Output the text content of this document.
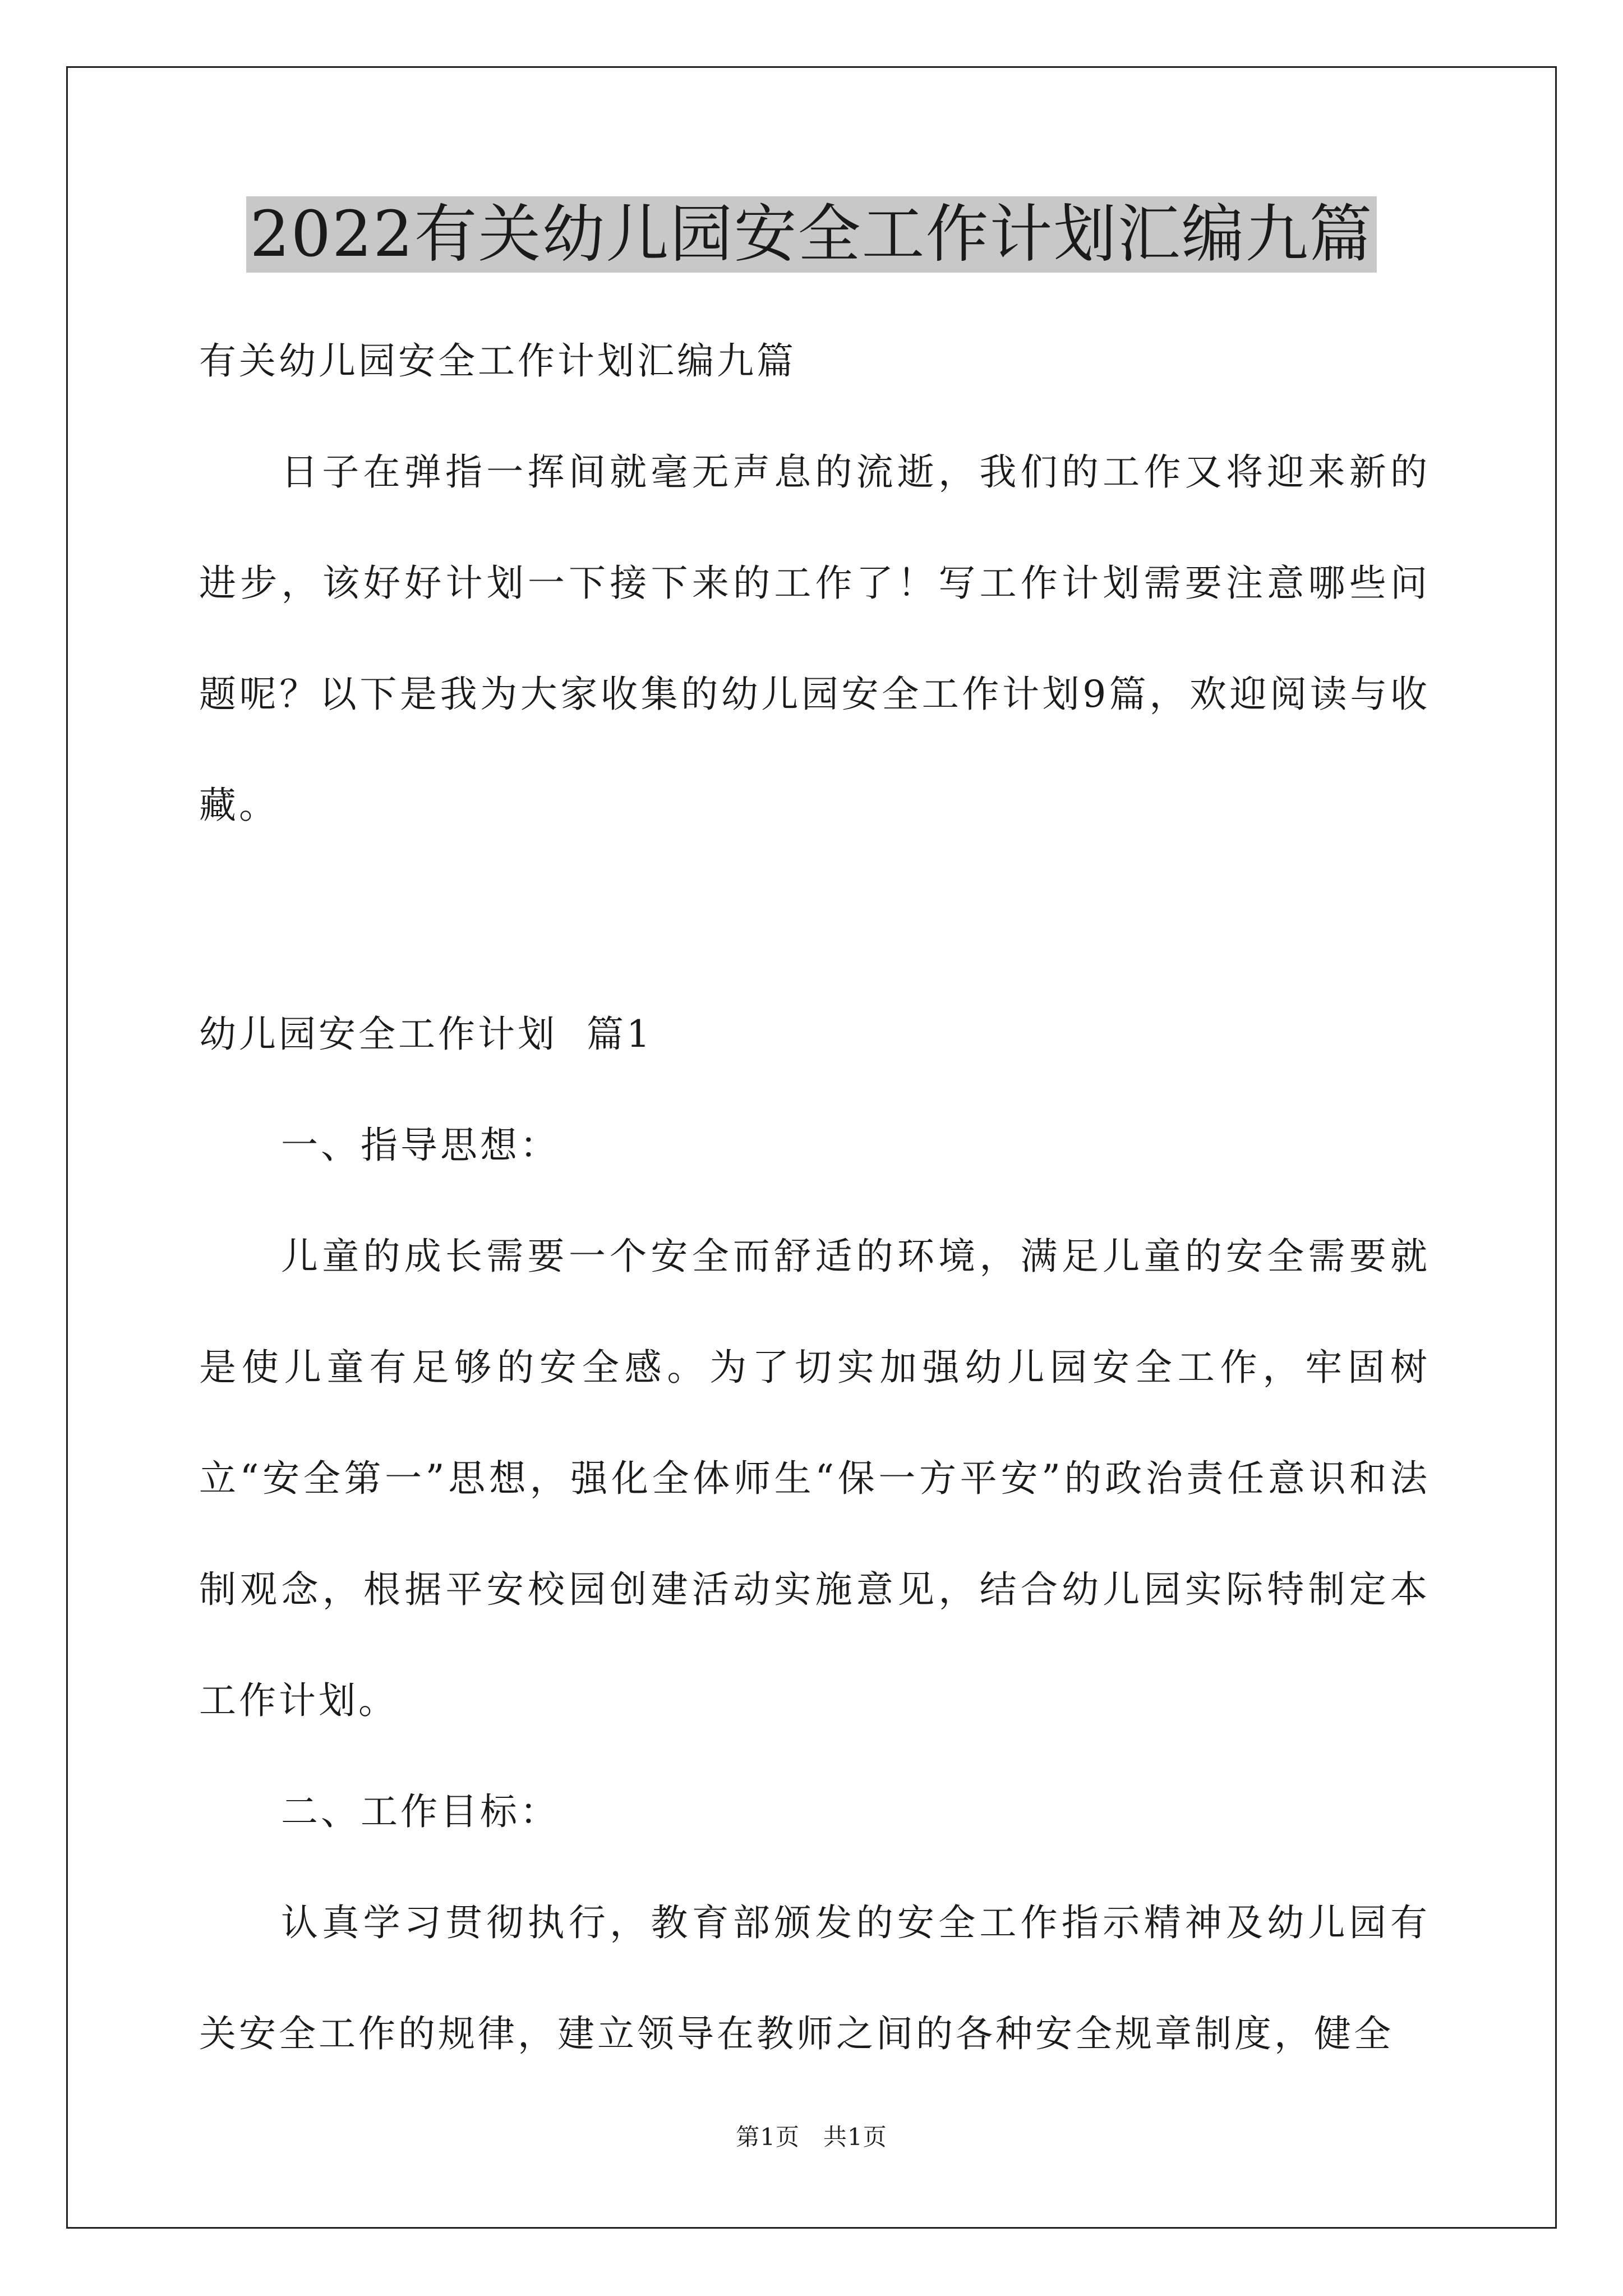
2022有关幼儿园安全工作计划汇编九篇

有关幼儿园安全工作计划汇编九篇

日子在弹指一挥间就毫无声息的流逝，我们的工作又将迎来新的进步，该好好计划一下接下来的工作了！写工作计划需要注意哪些问题呢？以下是我为大家收集的幼儿园安全工作计划9篇，欢迎阅读与收藏。

幼儿园安全工作计划  篇1

一、指导思想：

儿童的成长需要一个安全而舒适的环境，满足儿童的安全需要就是使儿童有足够的安全感。为了切实加强幼儿园安全工作，牢固树立“安全第一”思想，强化全体师生“保一方平安”的政治责任意识和法制观念，根据平安校园创建活动实施意见，结合幼儿园实际特制定本工作计划。

二、工作目标：

认真学习贯彻执行，教育部颁发的安全工作指示精神及幼儿园有关安全工作的规律，建立领导在教师之间的各种安全规章制度，健全

第1页 共1页
